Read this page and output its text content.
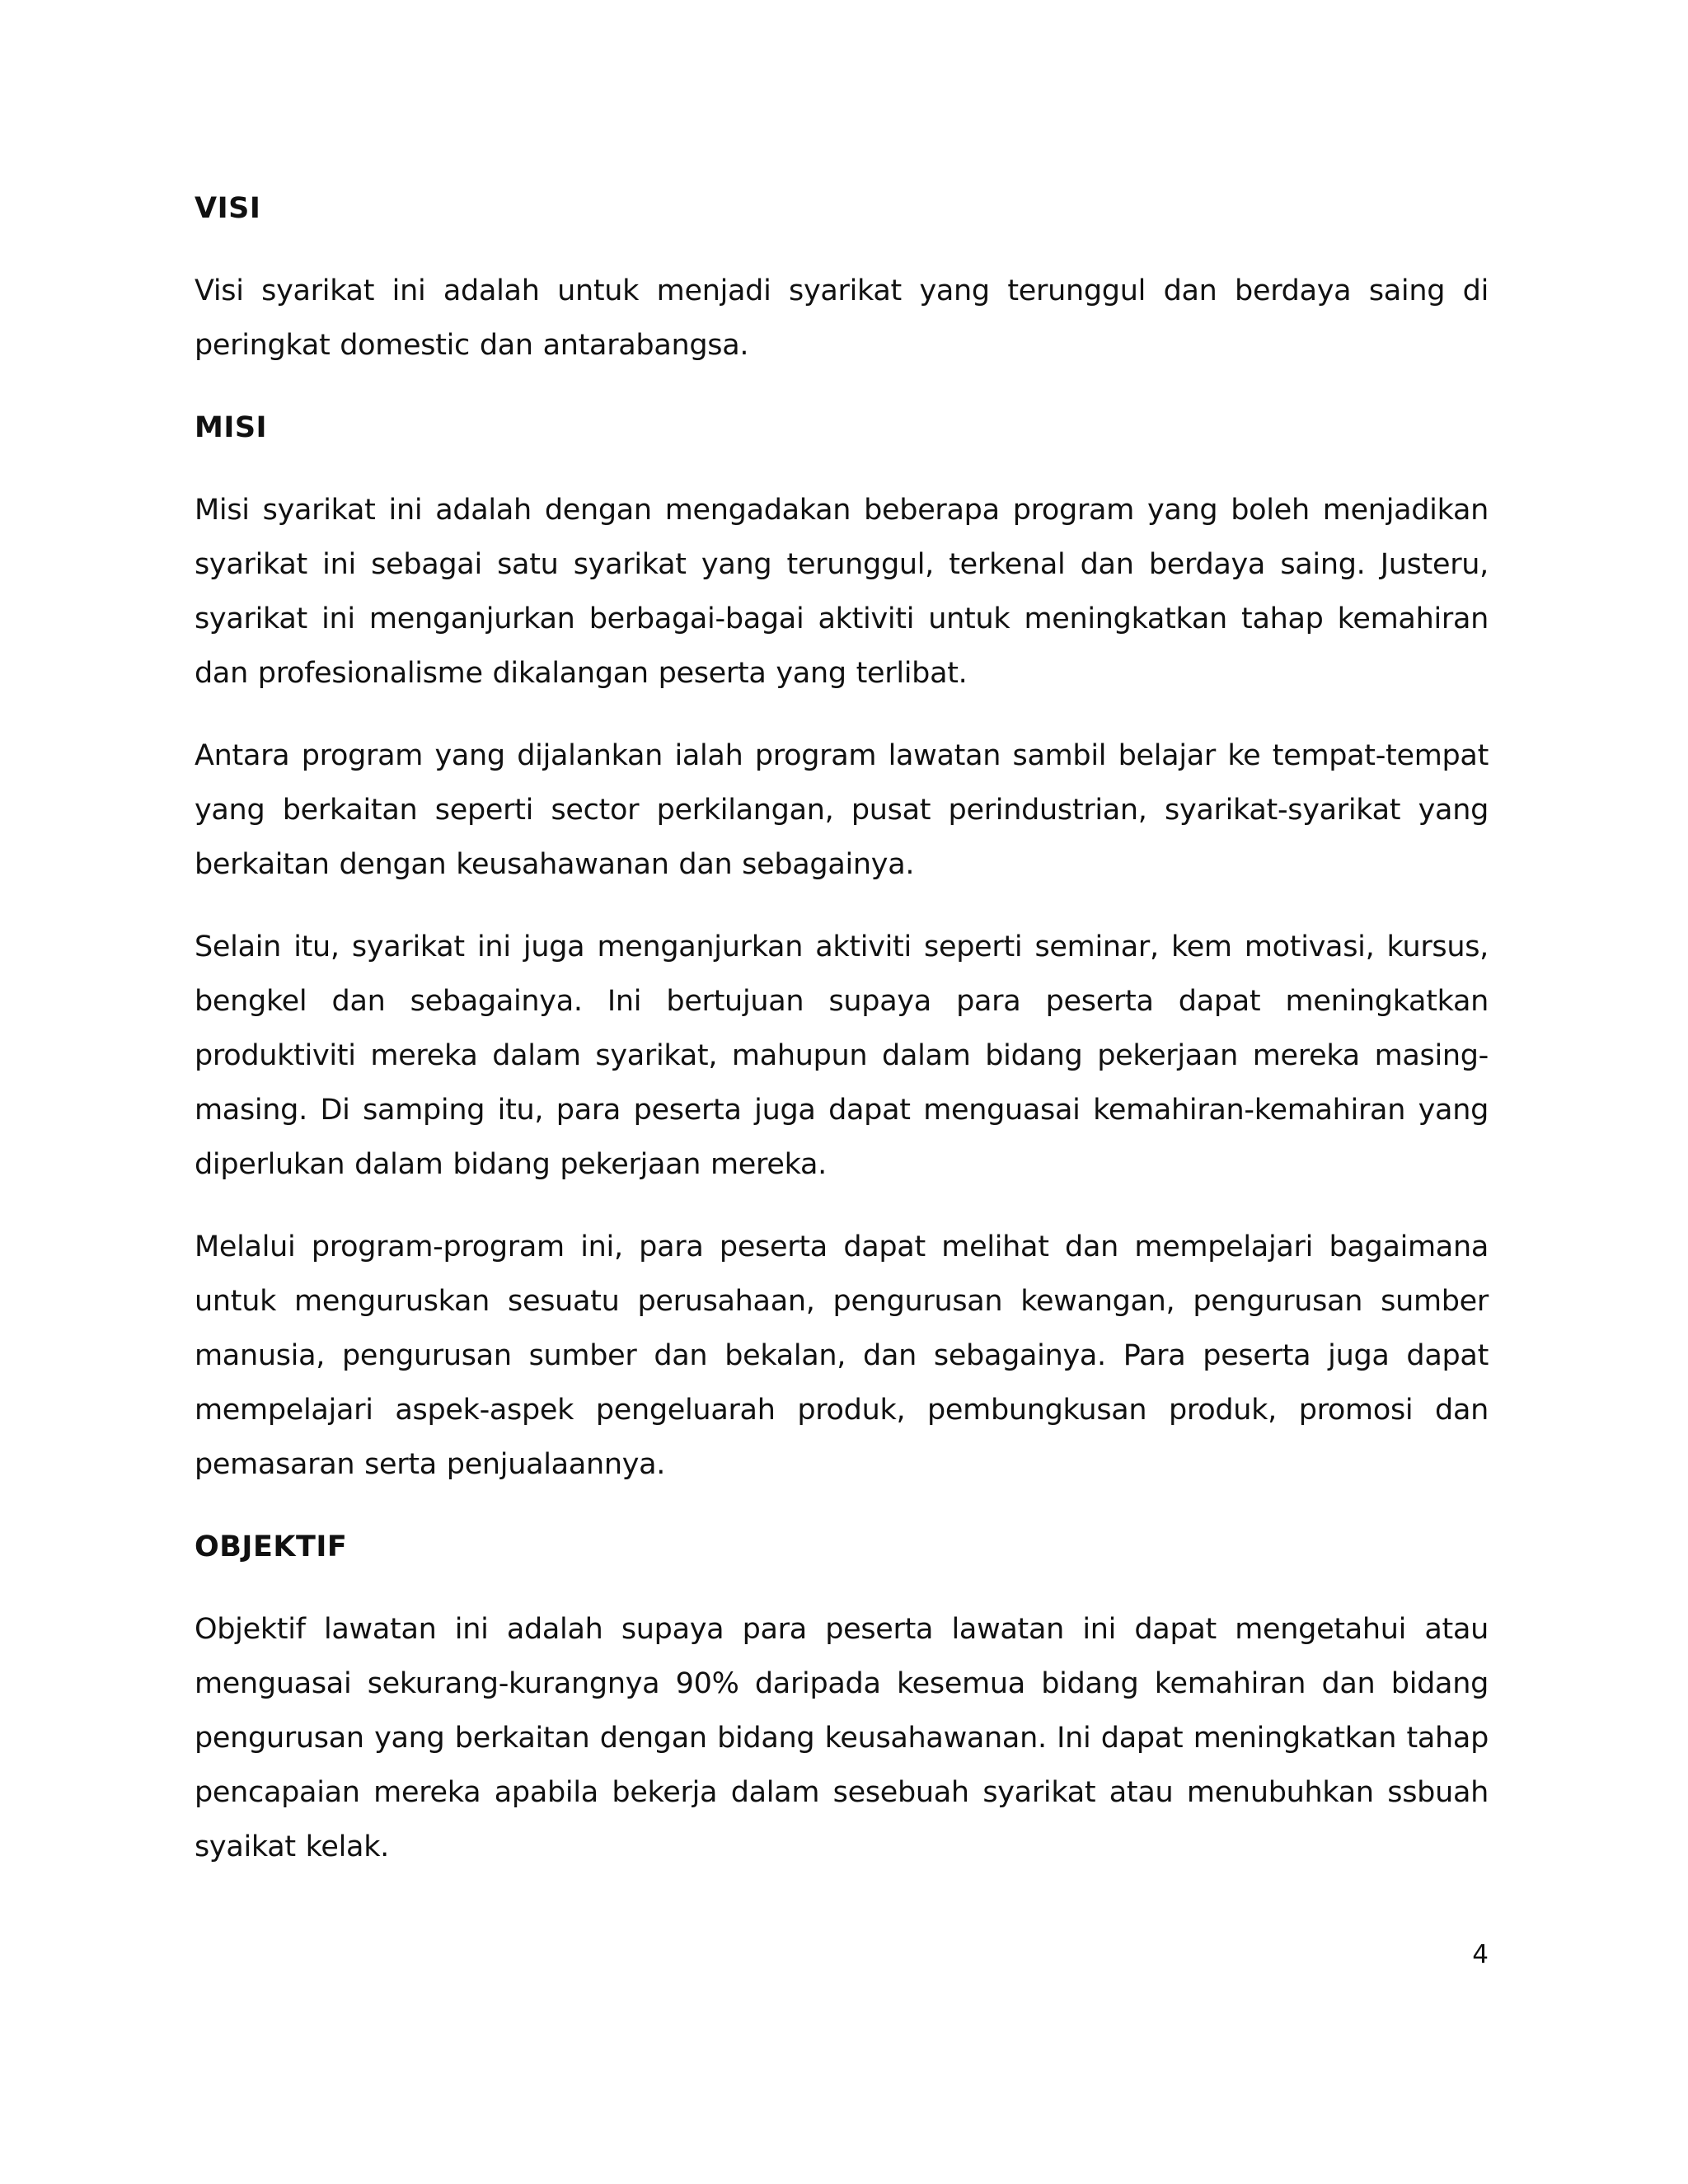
VISI

Visi syarikat ini adalah untuk menjadi syarikat yang terunggul dan berdaya saing di peringkat domestic dan antarabangsa.

MISI

Misi syarikat ini adalah dengan mengadakan beberapa program yang boleh menjadikan syarikat ini sebagai satu syarikat yang terunggul, terkenal dan berdaya saing. Justeru, syarikat ini menganjurkan berbagai-bagai aktiviti untuk meningkatkan tahap kemahiran dan profesionalisme dikalangan peserta yang terlibat.

Antara program yang dijalankan ialah program lawatan sambil belajar ke tempat-tempat yang berkaitan seperti sector perkilangan, pusat perindustrian, syarikat-syarikat yang berkaitan dengan keusahawanan dan sebagainya.

Selain itu, syarikat ini juga menganjurkan aktiviti seperti seminar, kem motivasi, kursus, bengkel dan sebagainya. Ini bertujuan supaya para peserta dapat meningkatkan produktiviti mereka dalam syarikat, mahupun dalam bidang pekerjaan mereka masing-masing. Di samping itu, para peserta juga dapat menguasai kemahiran-kemahiran yang diperlukan dalam bidang pekerjaan mereka.

Melalui program-program ini, para peserta dapat melihat dan mempelajari bagaimana untuk menguruskan sesuatu perusahaan, pengurusan kewangan, pengurusan sumber manusia, pengurusan sumber dan bekalan, dan sebagainya. Para peserta juga dapat mempelajari aspek-aspek pengeluarah produk, pembungkusan produk, promosi dan pemasaran serta penjualaannya.

OBJEKTIF

Objektif lawatan ini adalah supaya para peserta lawatan ini dapat mengetahui atau menguasai sekurang-kurangnya 90% daripada kesemua bidang kemahiran dan bidang pengurusan yang berkaitan dengan bidang keusahawanan. Ini dapat meningkatkan tahap pencapaian mereka apabila bekerja dalam sesebuah syarikat atau menubuhkan ssbuah syaikat kelak.

4
